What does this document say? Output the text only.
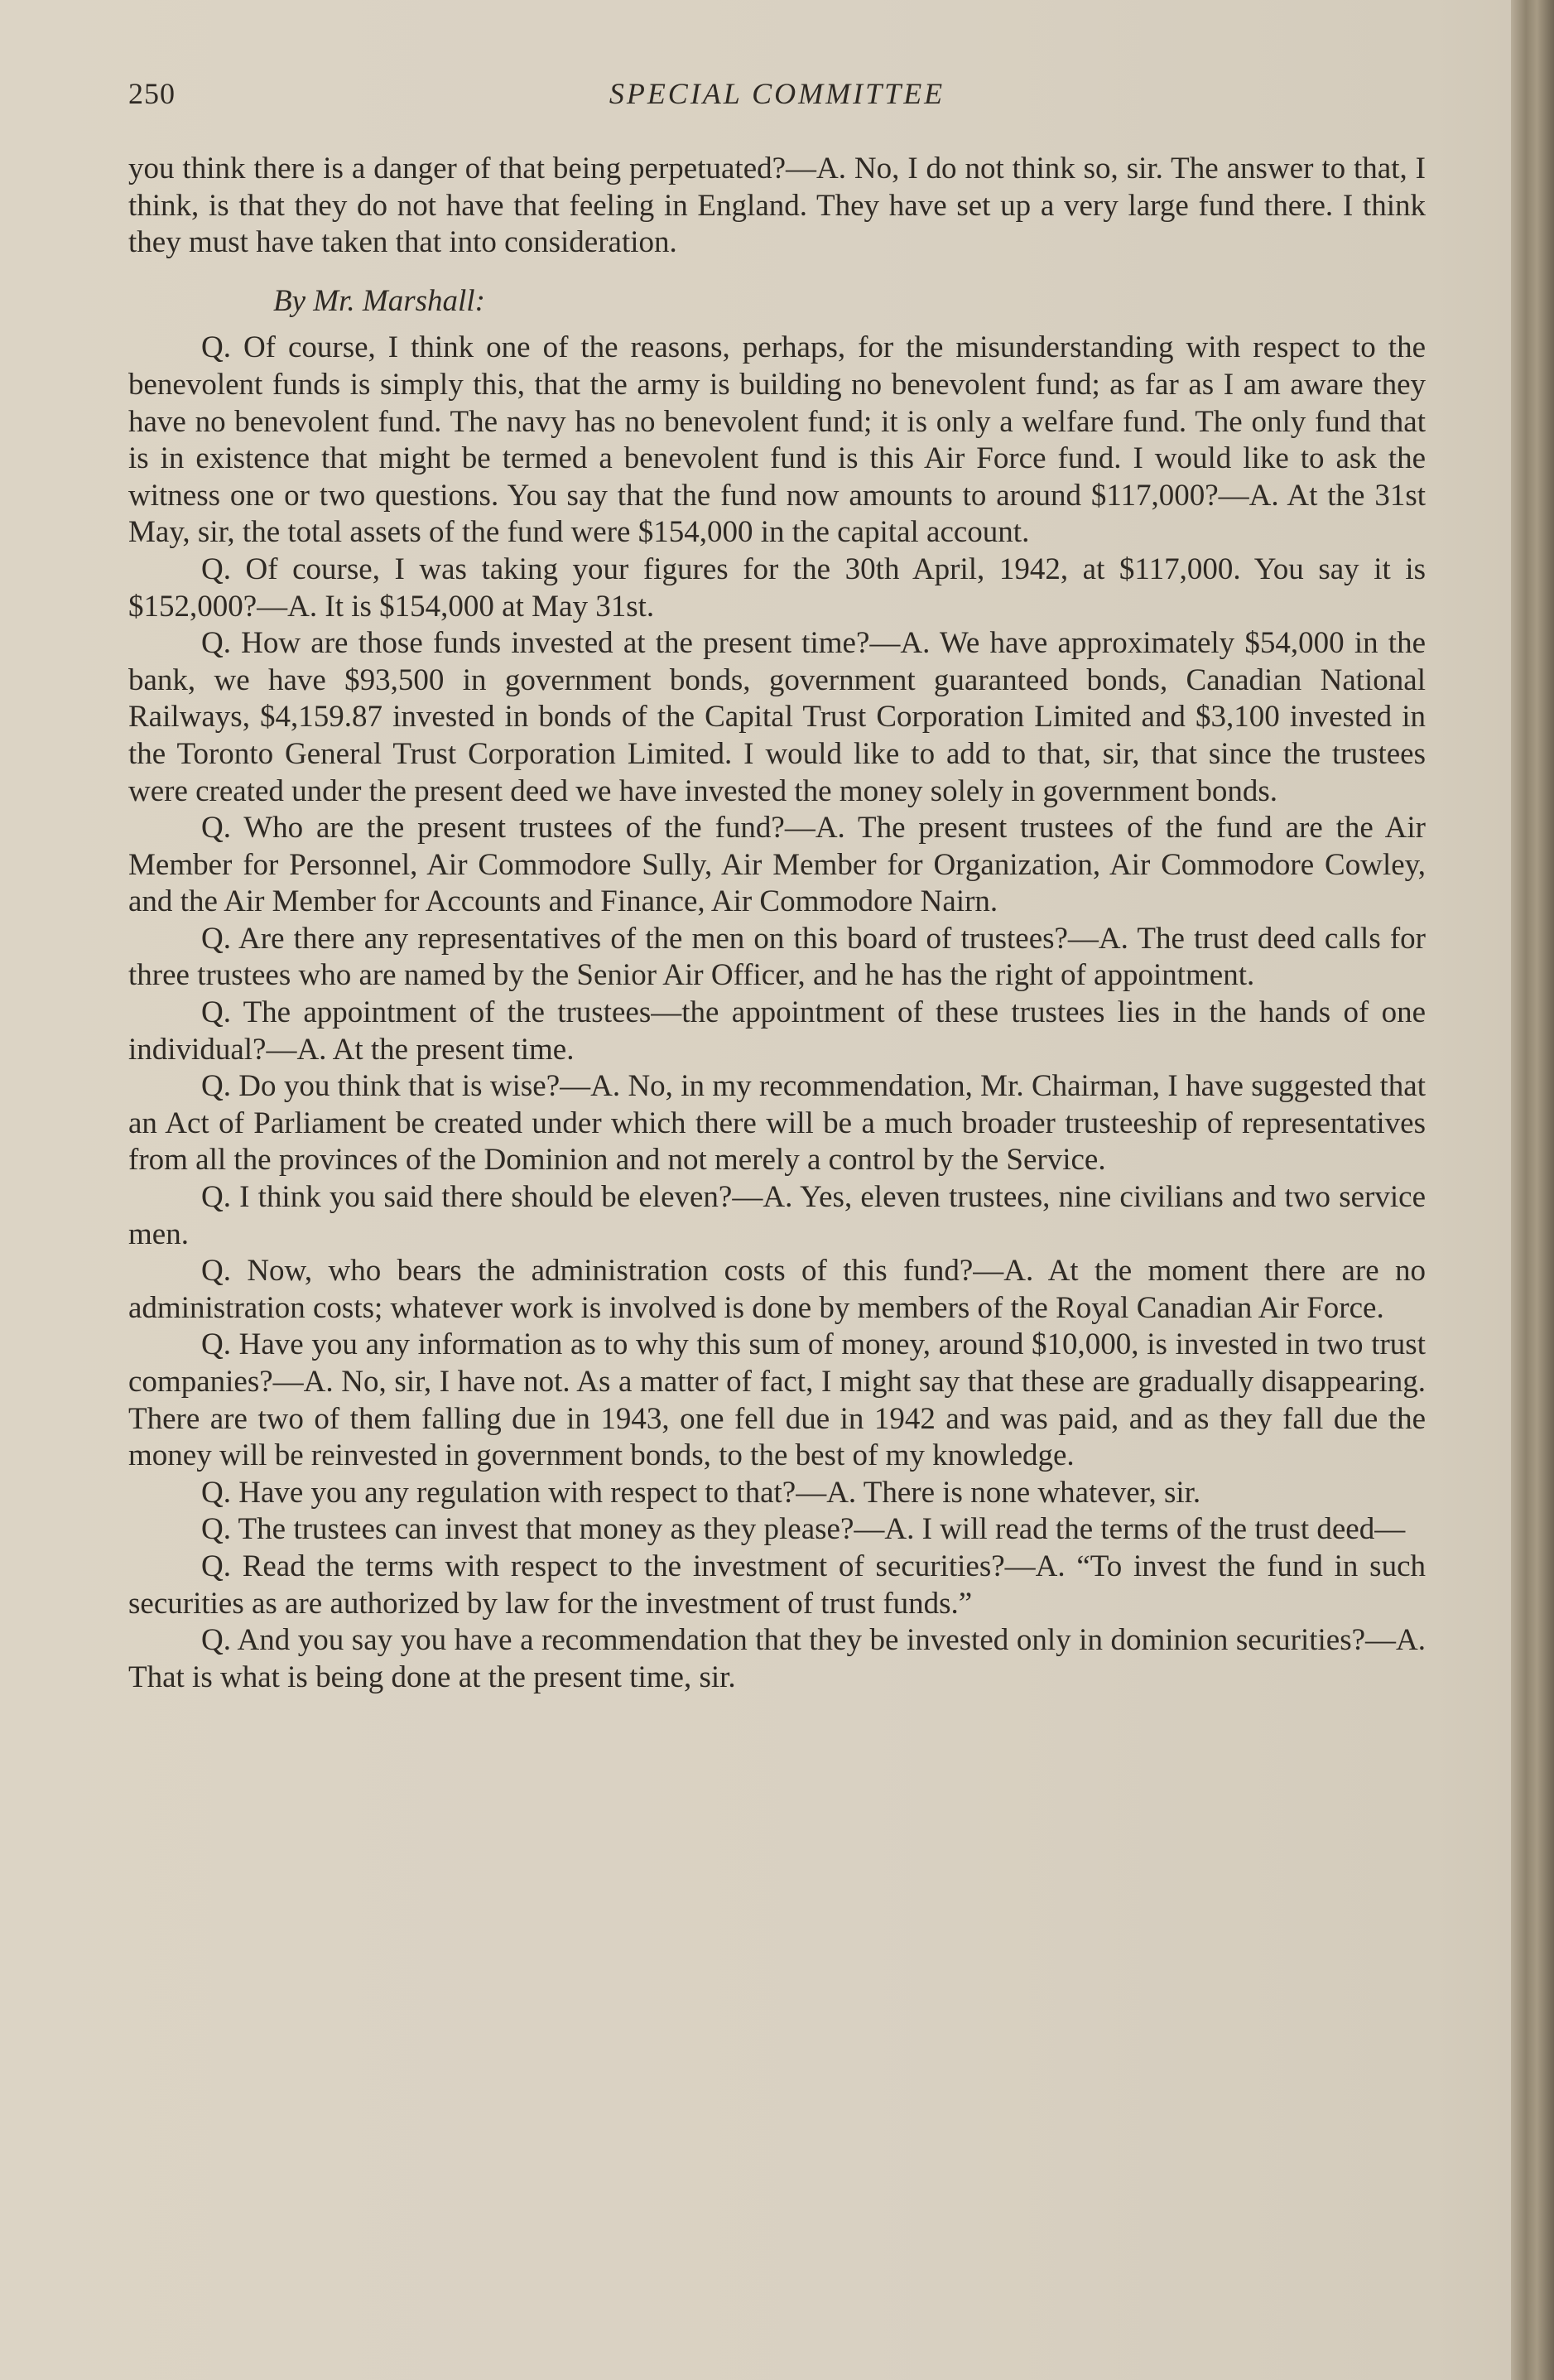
250	SPECIAL COMMITTEE

you think there is a danger of that being perpetuated?—A. No, I do not think so, sir. The answer to that, I think, is that they do not have that feeling in England. They have set up a very large fund there. I think they must have taken that into consideration.

By Mr. Marshall:

Q. Of course, I think one of the reasons, perhaps, for the misunderstanding with respect to the benevolent funds is simply this, that the army is building no benevolent fund; as far as I am aware they have no benevolent fund. The navy has no benevolent fund; it is only a welfare fund. The only fund that is in existence that might be termed a benevolent fund is this Air Force fund. I would like to ask the witness one or two questions. You say that the fund now amounts to around $117,000?—A. At the 31st May, sir, the total assets of the fund were $154,000 in the capital account.

Q. Of course, I was taking your figures for the 30th April, 1942, at $117,000. You say it is $152,000?—A. It is $154,000 at May 31st.

Q. How are those funds invested at the present time?—A. We have approximately $54,000 in the bank, we have $93,500 in government bonds, government guaranteed bonds, Canadian National Railways, $4,159.87 invested in bonds of the Capital Trust Corporation Limited and $3,100 invested in the Toronto General Trust Corporation Limited. I would like to add to that, sir, that since the trustees were created under the present deed we have invested the money solely in government bonds.

Q. Who are the present trustees of the fund?—A. The present trustees of the fund are the Air Member for Personnel, Air Commodore Sully, Air Member for Organization, Air Commodore Cowley, and the Air Member for Accounts and Finance, Air Commodore Nairn.

Q. Are there any representatives of the men on this board of trustees?—A. The trust deed calls for three trustees who are named by the Senior Air Officer, and he has the right of appointment.

Q. The appointment of the trustees—the appointment of these trustees lies in the hands of one individual?—A. At the present time.

Q. Do you think that is wise?—A. No, in my recommendation, Mr. Chairman, I have suggested that an Act of Parliament be created under which there will be a much broader trusteeship of representatives from all the provinces of the Dominion and not merely a control by the Service.

Q. I think you said there should be eleven?—A. Yes, eleven trustees, nine civilians and two service men.

Q. Now, who bears the administration costs of this fund?—A. At the moment there are no administration costs; whatever work is involved is done by members of the Royal Canadian Air Force.

Q. Have you any information as to why this sum of money, around $10,000, is invested in two trust companies?—A. No, sir, I have not. As a matter of fact, I might say that these are gradually disappearing. There are two of them falling due in 1943, one fell due in 1942 and was paid, and as they fall due the money will be reinvested in government bonds, to the best of my knowledge.

Q. Have you any regulation with respect to that?—A. There is none whatever, sir.

Q. The trustees can invest that money as they please?—A. I will read the terms of the trust deed—

Q. Read the terms with respect to the investment of securities?—A. “To invest the fund in such securities as are authorized by law for the investment of trust funds.”

Q. And you say you have a recommendation that they be invested only in dominion securities?—A. That is what is being done at the present time, sir.
